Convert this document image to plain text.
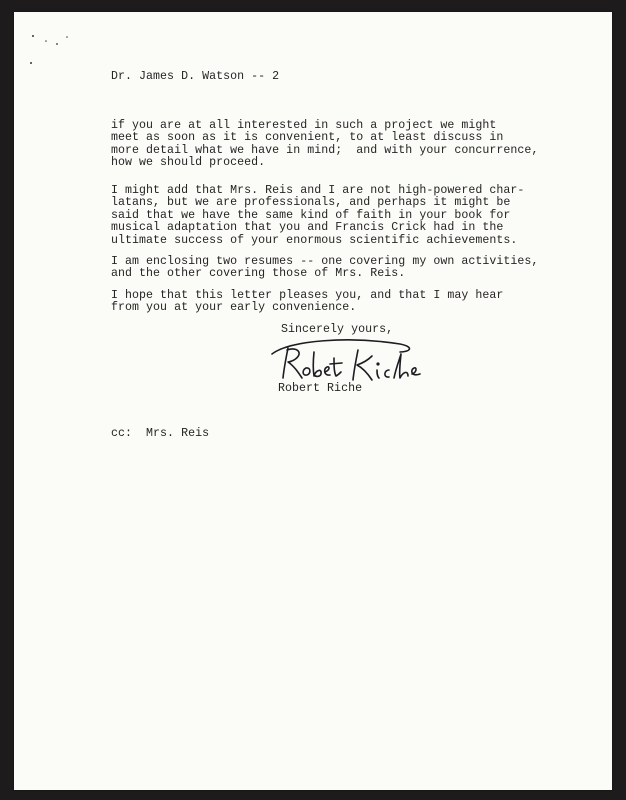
Dr. James D. Watson -- 2
if you are at all interested in such a project we might
meet as soon as it is convenient, to at least discuss in
more detail what we have in mind;  and with your concurrence,
how we should proceed.
I might add that Mrs. Reis and I are not high-powered char-
latans, but we are professionals, and perhaps it might be
said that we have the same kind of faith in your book for
musical adaptation that you and Francis Crick had in the
ultimate success of your enormous scientific achievements.
I am enclosing two resumes -- one covering my own activities,
and the other covering those of Mrs. Reis.
I hope that this letter pleases you, and that I may hear
from you at your early convenience.
Sincerely yours,
Robert Riche
cc:  Mrs. Reis
